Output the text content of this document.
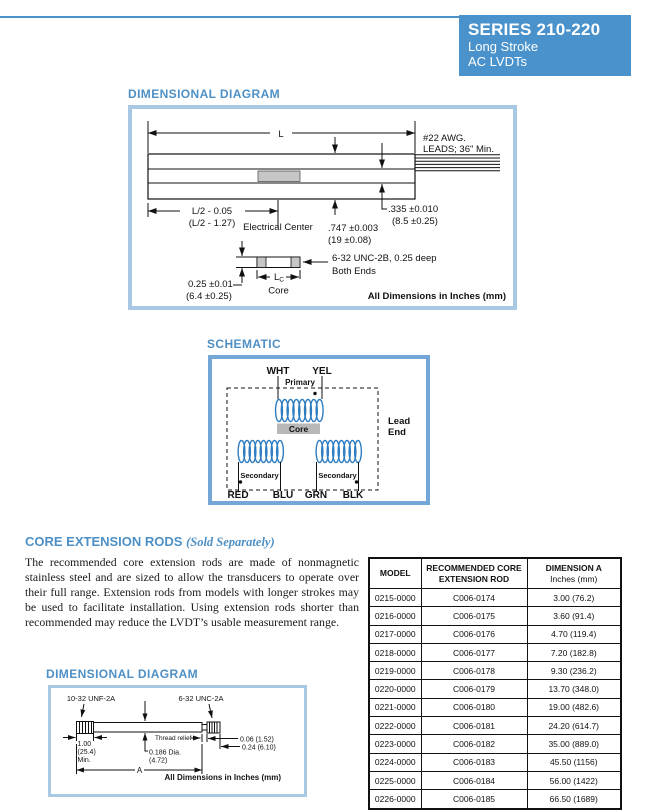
SERIES 210-220
Long Stroke
AC LVDTs
DIMENSIONAL DIAGRAM
L	#22 AWG.
LEADS; 36" Min.
.747 ±0.003
(19 ±0.08)
.335 ±0.010
(8.5 ±0.25)
L/2 - 0.05
(L/2 - 1.27) Electrical Center
0.25 ±0.01
(6.4 ±0.25)
LC
Core
6-32 UNC-2B, 0.25 deep
Both Ends
All Dimensions in Inches (mm)
SCHEMATIC
WHT YEL
Primary
Core
Secondary	Secondary
RED BLU GRN BLK
Lead
End
CORE EXTENSION RODS (Sold Separately)
The recommended core extension rods are made of nonmagnetic stainless steel and are sized to allow the transducers to operate over their full range. Extension rods from models with longer strokes may be used to facilitate installation. Using extension rods shorter than recommended may reduce the LVDT’s usable measurement range.
MODEL

RECOMMENDED CORE
EXTENSION ROD

DIMENSION A
Inches (mm)

0215-0000	C006-0174	3.00 (76.2)
0216-0000	C006-0175	3.60 (91.4)
0217-0000	C006-0176	4.70 (119.4)
0218-0000	C006-0177	7.20 (182.8)
0219-0000	C006-0178	9.30 (236.2)
0220-0000	C006-0179	13.70 (348.0)
0221-0000	C006-0180	19.00 (482.6)
0222-0000	C006-0181	24.20 (614.7)
0223-0000	C006-0182	35.00 (889.0)
0224-0000	C006-0183	45.50 (1156)
0225-0000	C006-0184	56.00 (1422)
0226-0000	C006-0185	66.50 (1689)
DIMENSIONAL DIAGRAM
10-32 UNF-2A	6-32 UNC-2A
0.186 Dia.
(4.72)
Thread relief
1.00
(25.4)
Min.
0.06 (1.52)
0.24 (6.10)
A
All Dimensions in Inches (mm)
